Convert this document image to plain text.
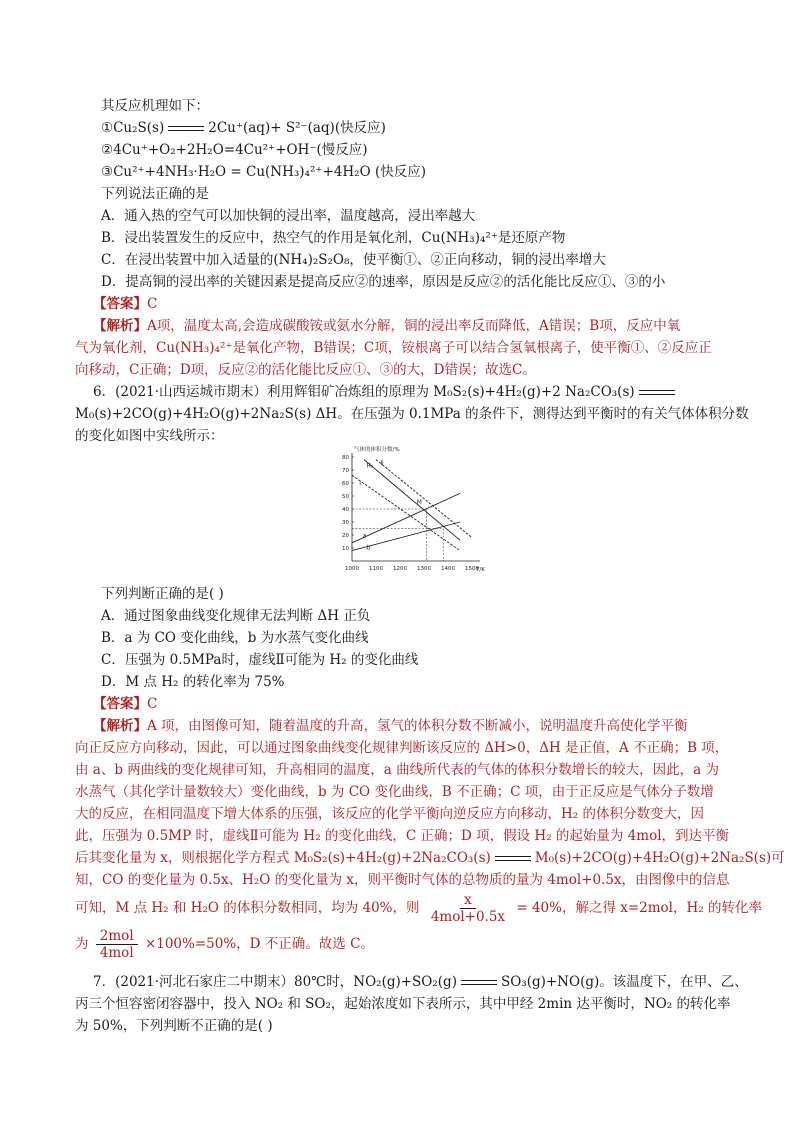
其反应机理如下：
①Cu₂S(s)	2Cu⁺(aq)+ S²⁻(aq)(快反应)
②4Cu⁺+O₂+2H₂O=4Cu²⁺+OH⁻(慢反应)
③Cu²⁺+4NH₃·H₂O = Cu(NH₃)₄²⁺+4H₂O (快反应)
下列说法正确的是
A．通入热的空气可以加快铜的浸出率，温度越高，浸出率越大
B．浸出装置发生的反应中，热空气的作用是氧化剂，Cu(NH₃)₄²⁺是还原产物
C．在浸出装置中加入适量的(NH₄)₂S₂O₈，使平衡①、②正向移动，铜的浸出率增大
D．提高铜的浸出率的关键因素是提高反应②的速率，原因是反应②的活化能比反应①、③的小
【答案】C
【解析】A项，温度太高,会造成碳酸铵或氨水分解，铜的浸出率反而降低，A错误；B项，反应中氧
气为氧化剂，Cu(NH₃)₄²⁺是氧化产物，B错误；C项，铵根离子可以结合氢氧根离子，使平衡①、②反应正
向移动，C正确；D项，反应②的活化能比反应①、③的大，D错误；故选C。
6．(2021·山西运城市期末）利用辉钼矿冶炼组的原理为 M₀S₂(s)+4H₂(g)+2 Na₂CO₃(s)
M₀(s)+2CO(g)+4H₂O(g)+2Na₂S(s) ΔH。在压强为 0.1MPa 的条件下，测得达到平衡时的有关气体体积分数
的变化如图中实线所示：
气体的体积分数/%
T/K
10
20
30
40
50
60
70
80
1000 1100 1200 1300 1400 1500
H₂ Ⅱ
Ⅰ
a
b
M
下列判断正确的是( )
A．通过图象曲线变化规律无法判断 ΔH 正负
B．a 为 CO 变化曲线，b 为水蒸气变化曲线
C．压强为 0.5MPa时，虚线Ⅱ可能为 H₂ 的变化曲线
D．M 点 H₂ 的转化率为 75%
【答案】C
【解析】A 项，由图像可知，随着温度的升高，氢气的体积分数不断减小，说明温度升高使化学平衡
向正反应方向移动，因此，可以通过图象曲线变化规律判断该反应的 ΔH>0，ΔH 是正值，A 不正确；B 项，
由 a、b 两曲线的变化规律可知，升高相同的温度，a 曲线所代表的气体的体积分数增长的较大，因此，a 为
水蒸气（其化学计量数较大）变化曲线，b 为 CO 变化曲线，B 不正确；C 项，由于正反应是气体分子数增
大的反应，在相同温度下增大体系的压强，该反应的化学平衡向逆反应方向移动，H₂ 的体积分数变大，因
此，压强为 0.5MP 时，虚线Ⅱ可能为 H₂ 的变化曲线，C 正确；D 项，假设 H₂ 的起始量为 4mol，到达平衡
后其变化量为 x，则根据化学方程式 M₀S₂(s)+4H₂(g)+2Na₂CO₃(s)	M₀(s)+2CO(g)+4H₂O(g)+2Na₂S(s)可
知，CO 的变化量为 0.5x、H₂O 的变化量为 x，则平衡时气体的总物质的量为 4mol+0.5x，由图像中的信息
可知，M 点 H₂ 和 H₂O 的体积分数相同，均为 40%，则 $\frac{x}{\text{4mol+0.5x}} = 40\%$，解之得 x=2mol，H₂ 的转化率
为 $\frac{\text{2mol}}{\text{4mol}} \times 100\%=50\%$，D 不正确。故选 C。
7．(2021·河北石家庄二中期末）80℃时，NO₂(g)+SO₂(g)	SO₃(g)+NO(g)。该温度下，在甲、乙、
丙三个恒容密闭容器中，投入 NO₂ 和 SO₂，起始浓度如下表所示，其中甲经 2min 达平衡时，NO₂ 的转化率
为 50%，下列判断不正确的是( )
